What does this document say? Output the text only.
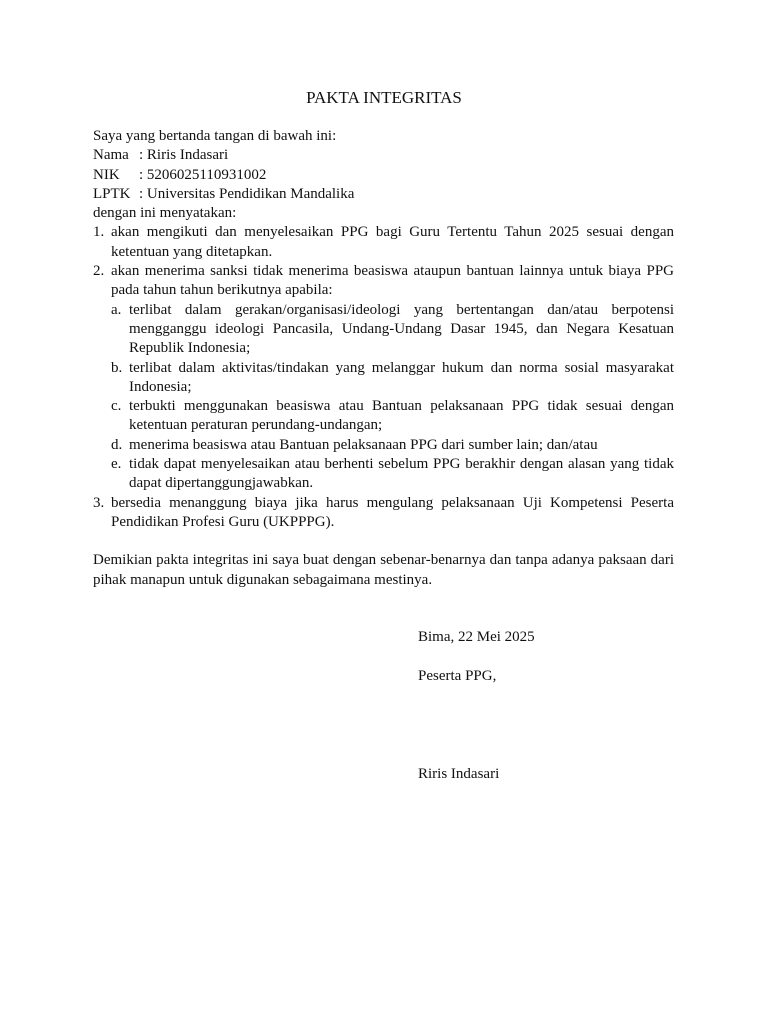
PAKTA INTEGRITAS
Saya yang bertanda tangan di bawah ini:
Nama : Riris Indasari
NIK : 5206025110931002
LPTK : Universitas Pendidikan Mandalika
dengan ini menyatakan:
1. akan mengikuti dan menyelesaikan PPG bagi Guru Tertentu Tahun 2025 sesuai dengan ketentuan yang ditetapkan.
2. akan menerima sanksi tidak menerima beasiswa ataupun bantuan lainnya untuk biaya PPG pada tahun tahun berikutnya apabila:
a. terlibat dalam gerakan/organisasi/ideologi yang bertentangan dan/atau berpotensi mengganggu ideologi Pancasila, Undang-Undang Dasar 1945, dan Negara Kesatuan Republik Indonesia;
b. terlibat dalam aktivitas/tindakan yang melanggar hukum dan norma sosial masyarakat Indonesia;
c. terbukti menggunakan beasiswa atau Bantuan pelaksanaan PPG tidak sesuai dengan ketentuan peraturan perundang-undangan;
d. menerima beasiswa atau Bantuan pelaksanaan PPG dari sumber lain; dan/atau
e. tidak dapat menyelesaikan atau berhenti sebelum PPG berakhir dengan alasan yang tidak dapat dipertanggungjawabkan.
3. bersedia menanggung biaya jika harus mengulang pelaksanaan Uji Kompetensi Peserta Pendidikan Profesi Guru (UKPPPG).
Demikian pakta integritas ini saya buat dengan sebenar-benarnya dan tanpa adanya paksaan dari pihak manapun untuk digunakan sebagaimana mestinya.
Bima, 22 Mei 2025
Peserta PPG,
Riris Indasari
